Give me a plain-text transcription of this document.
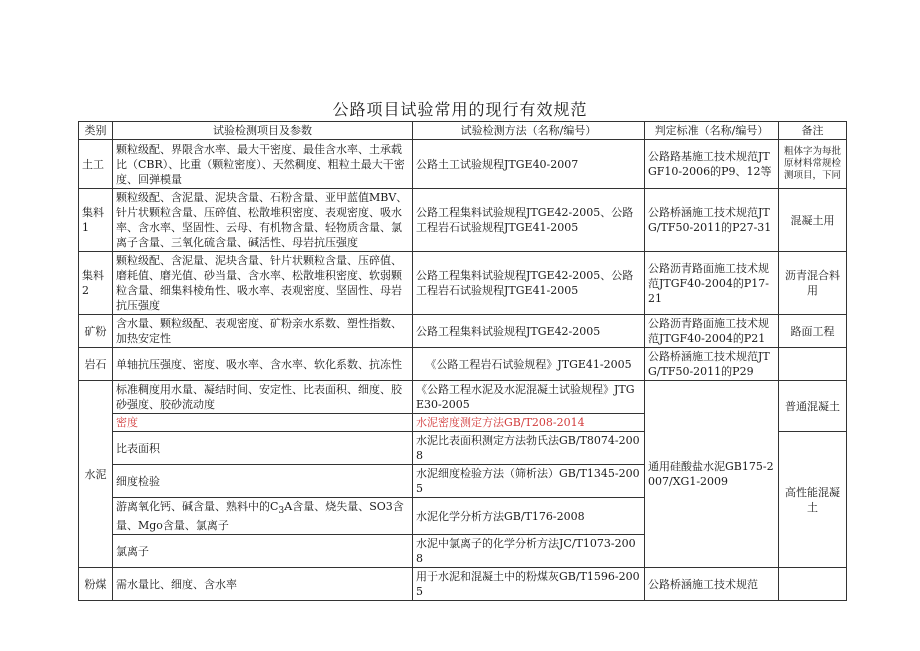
公路项目试验常用的现行有效规范
类别	试验检测项目及参数	试验检测方法（名称/编号）	判定标准（名称/编号）	备注
土工	颗粒级配、界限含水率、最大干密度、最佳含水率、土承载比（CBR）、比重（颗粒密度）、天然稠度、粗粒土最大干密度、回弹模量	公路土工试验规程JTGE40-2007	公路路基施工技术规范JTGF10-2006的P9、12等	粗体字为每批原材料常规检测项目，下同
集料1	颗粒级配、含泥量、泥块含量、石粉含量、亚甲蓝值MBV、针片状颗粒含量、压碎值、松散堆积密度、表观密度、吸水率、含水率、坚固性、云母、有机物含量、轻物质含量、氯离子含量、三氧化硫含量、碱活性、母岩抗压强度	公路工程集料试验规程JTGE42-2005、公路工程岩石试验规程JTGE41-2005	公路桥涵施工技术规范JTG/TF50-2011的P27-31	混凝土用
集料2	颗粒级配、含泥量、泥块含量、针片状颗粒含量、压碎值、磨耗值、磨光值、砂当量、含水率、松散堆积密度、软弱颗粒含量、细集料棱角性、吸水率、表观密度、坚固性、母岩抗压强度	公路工程集料试验规程JTGE42-2005、公路工程岩石试验规程JTGE41-2005	公路沥青路面施工技术规范JTGF40-2004的P17-21	沥青混合料用
矿粉	含水量、颗粒级配、表观密度、矿粉亲水系数、塑性指数、加热安定性	公路工程集料试验规程JTGE42-2005	公路沥青路面施工技术规范JTGF40-2004的P21	路面工程
岩石	单轴抗压强度、密度、吸水率、含水率、软化系数、抗冻性	《公路工程岩石试验规程》JTGE41-2005	公路桥涵施工技术规范JTG/TF50-2011的P29	
水泥	标准稠度用水量、凝结时间、安定性、比表面积、细度、胶砂强度、胶砂流动度	《公路工程水泥及水泥混凝土试验规程》JTGE30-2005	通用硅酸盐水泥GB175-2007/XG1-2009	普通混凝土
	密度	水泥密度测定方法GB/T208-2014		
	比表面积	水泥比表面积测定方法勃氏法GB/T8074-2008		高性能混凝土
	细度检验	水泥细度检验方法（筛析法）GB/T1345-2005		
	游离氧化钙、碱含量、熟料中的$C_3A$含量、烧失量、SO3含量、Mgo含量、氯离子	水泥化学分析方法GB/T176-2008		
	氯离子	水泥中氯离子的化学分析方法JC/T1073-2008		
粉煤	需水量比、细度、含水率	用于水泥和混凝土中的粉煤灰GB/T1596-2005	公路桥涵施工技术规范	
